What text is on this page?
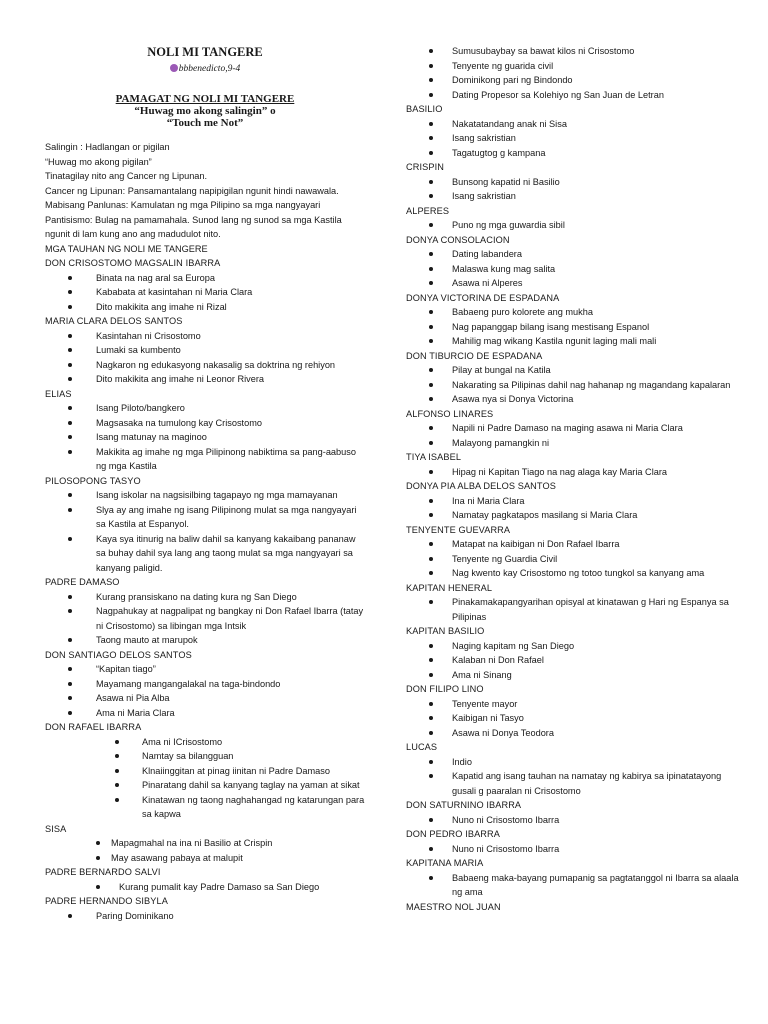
NOLI MI TANGERE
bbbenedicto,9-4
PAMAGAT NG NOLI MI TANGERE
“Huwag mo akong salingin” o
“Touch me Not”
Salingin : Hadlangan or pigilan
“Huwag mo akong pigilan”
Tinatagilay nito ang Cancer ng Lipunan.
Cancer ng Lipunan: Pansamantalang napipigilan ngunit hindi nawawala.
Mabisang Panlunas: Kamulatan ng mga Pilipino sa mga nangyayari
Pantisismo: Bulag na pamamahala. Sunod lang ng sunod sa mga Kastila ngunit di lam kung ano ang madudulot nito.
MGA TAUHAN NG NOLI ME TANGERE
DON CRISOSTOMO MAGSALIN IBARRA
Binata na nag aral sa Europa
Kababata at kasintahan ni Maria Clara
Dito makikita ang imahe ni Rizal
MARIA CLARA DELOS SANTOS
Kasintahan ni Crisostomo
Lumaki sa kumbento
Nagkaron ng edukasyong nakasalig sa doktrina ng rehiyon
Dito makikita ang imahe ni Leonor Rivera
ELIAS
Isang Piloto/bangkero
Magsasaka na tumulong kay Crisostomo
Isang matunay na maginoo
Makikita ag imahe ng mga Pilipinong nabiktima sa pang-aabuso ng mga Kastila
PILOSOPONG TASYO
Isang iskolar na nagsisilbing tagapayo ng mga mamayanan
Slya ay ang imahe ng isang Pilipinong mulat sa mga nangyayari sa Kastila at Espanyol.
Kaya sya itinurig na baliw dahil sa kanyang kakaibang pananaw sa buhay dahil sya lang ang taong mulat sa mga nangyayari sa kanyang paligid.
PADRE DAMASO
Kurang pransiskano na dating kura ng San Diego
Nagpahukay at nagpalipat ng bangkay ni Don Rafael Ibarra (tatay ni Crisostomo) sa libingan mga Intsik
Taong mauto at marupok
DON SANTIAGO DELOS SANTOS
“Kapitan tiago”
Mayamang mangangalakal na taga-bindondo
Asawa ni Pia Alba
Ama ni Maria Clara
DON RAFAEL IBARRA
Ama ni ICrisostomo
Namtay sa bilangguan
Klnaiinggitan at pinag iinitan ni Padre Damaso
Pinaratang dahil sa kanyang taglay na yaman at sikat
Kinatawan ng taong naghahangad ng katarungan para sa kapwa
SISA
Mapagmahal na ina ni Basilio at Crispin
May asawang pabaya at malupit
PADRE BERNARDO SALVI
Kurang pumalit kay Padre Damaso sa San Diego
PADRE HERNANDO SIBYLA
Paring Dominikano
Sumusubaybay sa bawat kilos ni Crisostomo
Tenyente ng guarida civil
Dominikong pari ng Bindondo
Dating Propesor sa Kolehiyo ng San Juan de Letran
BASILIO
Nakatatandang anak ni Sisa
Isang sakristian
Tagatugtog g kampana
CRISPIN
Bunsong kapatid ni Basilio
Isang sakristian
ALPERES
Puno ng mga guwardia sibil
DONYA CONSOLACION
Dating labandera
Malaswa kung mag salita
Asawa ni Alperes
DONYA VICTORINA DE ESPADANA
Babaeng puro kolorete ang mukha
Nag papanggap bilang isang mestisang Espanol
Mahilig mag wikang Kastila ngunit laging mali mali
DON TIBURCIO DE ESPADANA
Pilay at bungal na Katila
Nakarating sa Pilipinas dahil nag hahanap ng magandang kapalaran
Asawa nya si Donya Victorina
ALFONSO LINARES
Napili ni Padre Damaso na maging asawa ni Maria Clara
Malayong pamangkin ni
TIYA ISABEL
Hipag ni Kapitan Tiago na nag alaga kay Maria Clara
DONYA PIA ALBA DELOS SANTOS
Ina ni Maria Clara
Namatay pagkatapos masilang si Maria Clara
TENYENTE GUEVARRA
Matapat na kaibigan ni Don Rafael Ibarra
Tenyente ng Guardia Civil
Nag kwento kay Crisostomo ng totoo tungkol sa kanyang ama
KAPITAN HENERAL
Pinakamakapangyarihan opisyal at kinatawan g Hari ng Espanya sa Pilipinas
KAPITAN BASILIO
Naging kapitam ng San Diego
Kalaban ni Don Rafael
Ama ni Sinang
DON FILIPO LINO
Tenyente mayor
Kaibigan ni Tasyo
Asawa ni Donya Teodora
LUCAS
Indio
Kapatid ang isang tauhan na namatay ng kabirya sa ipinatatayong gusali g paaralan ni Crisostomo
DON SATURNINO IBARRA
Nuno ni Crisostomo Ibarra
DON PEDRO IBARRA
Nuno ni Crisostomo Ibarra
KAPITANA MARIA
Babaeng maka-bayang pumapanig sa pagtatanggol ni Ibarra sa alaala ng ama
MAESTRO NOL JUAN
